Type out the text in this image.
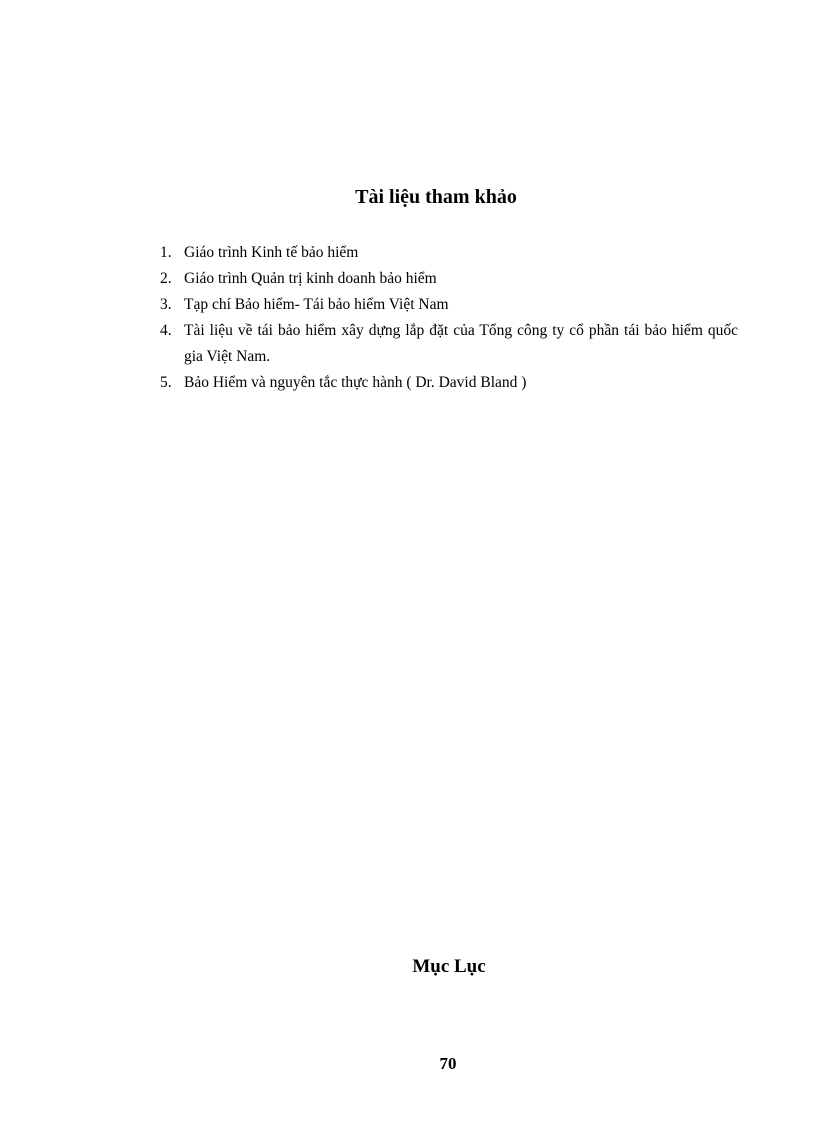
Tài liệu tham khảo
1. Giáo trình Kinh tế bảo hiểm
2. Giáo trình Quản trị kinh doanh bảo hiểm
3. Tạp chí Bảo hiểm- Tái bảo hiểm Việt Nam
4. Tài liệu về tái bảo hiểm xây dựng lắp đặt của Tổng công ty cổ phần tái bảo hiểm quốc gia Việt Nam.
5. Bảo Hiểm và nguyên tắc thực hành ( Dr. David Bland )
Mục Lục
70
